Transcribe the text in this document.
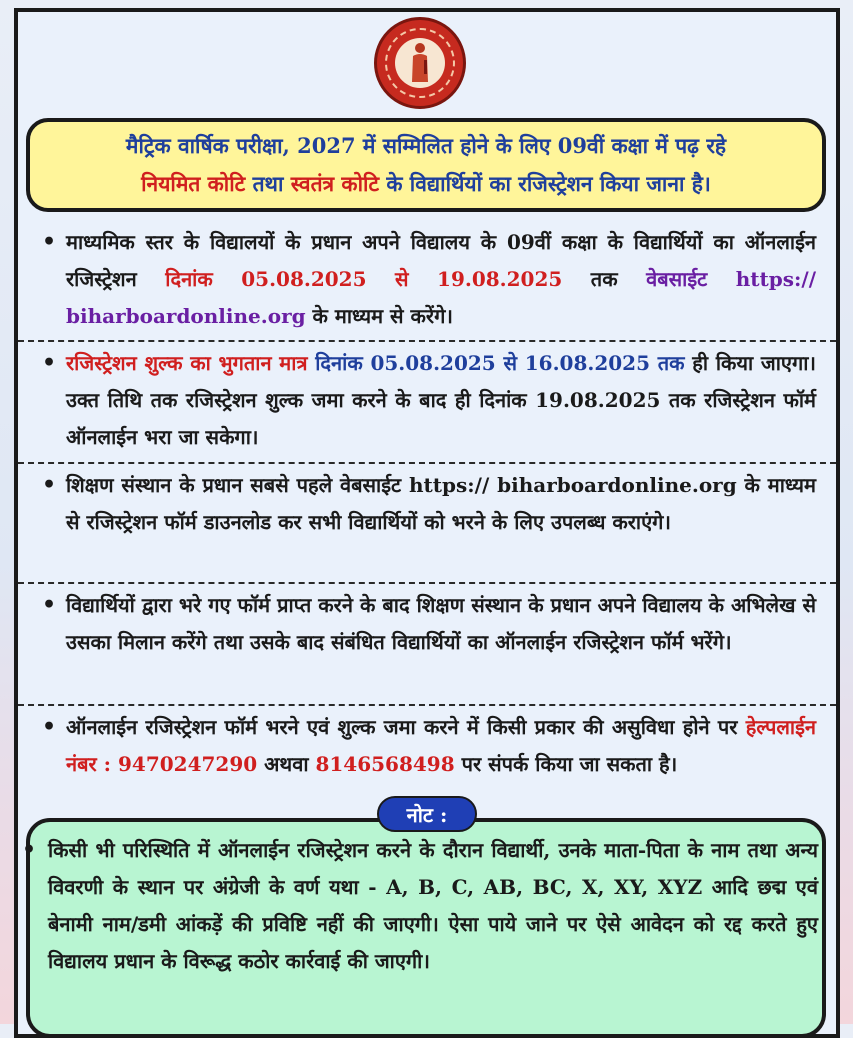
मैट्रिक वार्षिक परीक्षा, 2027 में सम्मिलित होने के लिए 09वीं कक्षा में पढ़ रहे
नियमित कोटि तथा स्वतंत्र कोटि के विद्यार्थियों का रजिस्ट्रेशन किया जाना है।
• माध्यमिक स्तर के विद्यालयों के प्रधान अपने विद्यालय के 09वीं कक्षा के विद्यार्थियों का ऑनलाईन रजिस्ट्रेशन दिनांक 05.08.2025 से 19.08.2025 तक वेबसाईट https:// biharboardonline.org के माध्यम से करेंगे।
• रजिस्ट्रेशन शुल्क का भुगतान मात्र दिनांक 05.08.2025 से 16.08.2025 तक ही किया जाएगा। उक्त तिथि तक रजिस्ट्रेशन शुल्क जमा करने के बाद ही दिनांक 19.08.2025 तक रजिस्ट्रेशन फॉर्म ऑनलाईन भरा जा सकेगा।
• शिक्षण संस्थान के प्रधान सबसे पहले वेबसाईट https:// biharboardonline.org के माध्यम से रजिस्ट्रेशन फॉर्म डाउनलोड कर सभी विद्यार्थियों को भरने के लिए उपलब्ध कराएंगे।
• विद्यार्थियों द्वारा भरे गए फॉर्म प्राप्त करने के बाद शिक्षण संस्थान के प्रधान अपने विद्यालय के अभिलेख से उसका मिलान करेंगे तथा उसके बाद संबंधित विद्यार्थियों का ऑनलाईन रजिस्ट्रेशन फॉर्म भरेंगे।
• ऑनलाईन रजिस्ट्रेशन फॉर्म भरने एवं शुल्क जमा करने में किसी प्रकार की असुविधा होने पर हेल्पलाईन नंबर : 9470247290 अथवा 8146568498 पर संपर्क किया जा सकता है।
नोट :
• किसी भी परिस्थिति में ऑनलाईन रजिस्ट्रेशन करने के दौरान विद्यार्थी, उनके माता-पिता के नाम तथा अन्य विवरणी के स्थान पर अंग्रेजी के वर्ण यथा - A, B, C, AB, BC, X, XY, XYZ आदि छद्म एवं बेनामी नाम/डमी आंकड़ें की प्रविष्टि नहीं की जाएगी। ऐसा पाये जाने पर ऐसे आवेदन को रद्द करते हुए विद्यालय प्रधान के विरूद्ध कठोर कार्रवाई की जाएगी।
